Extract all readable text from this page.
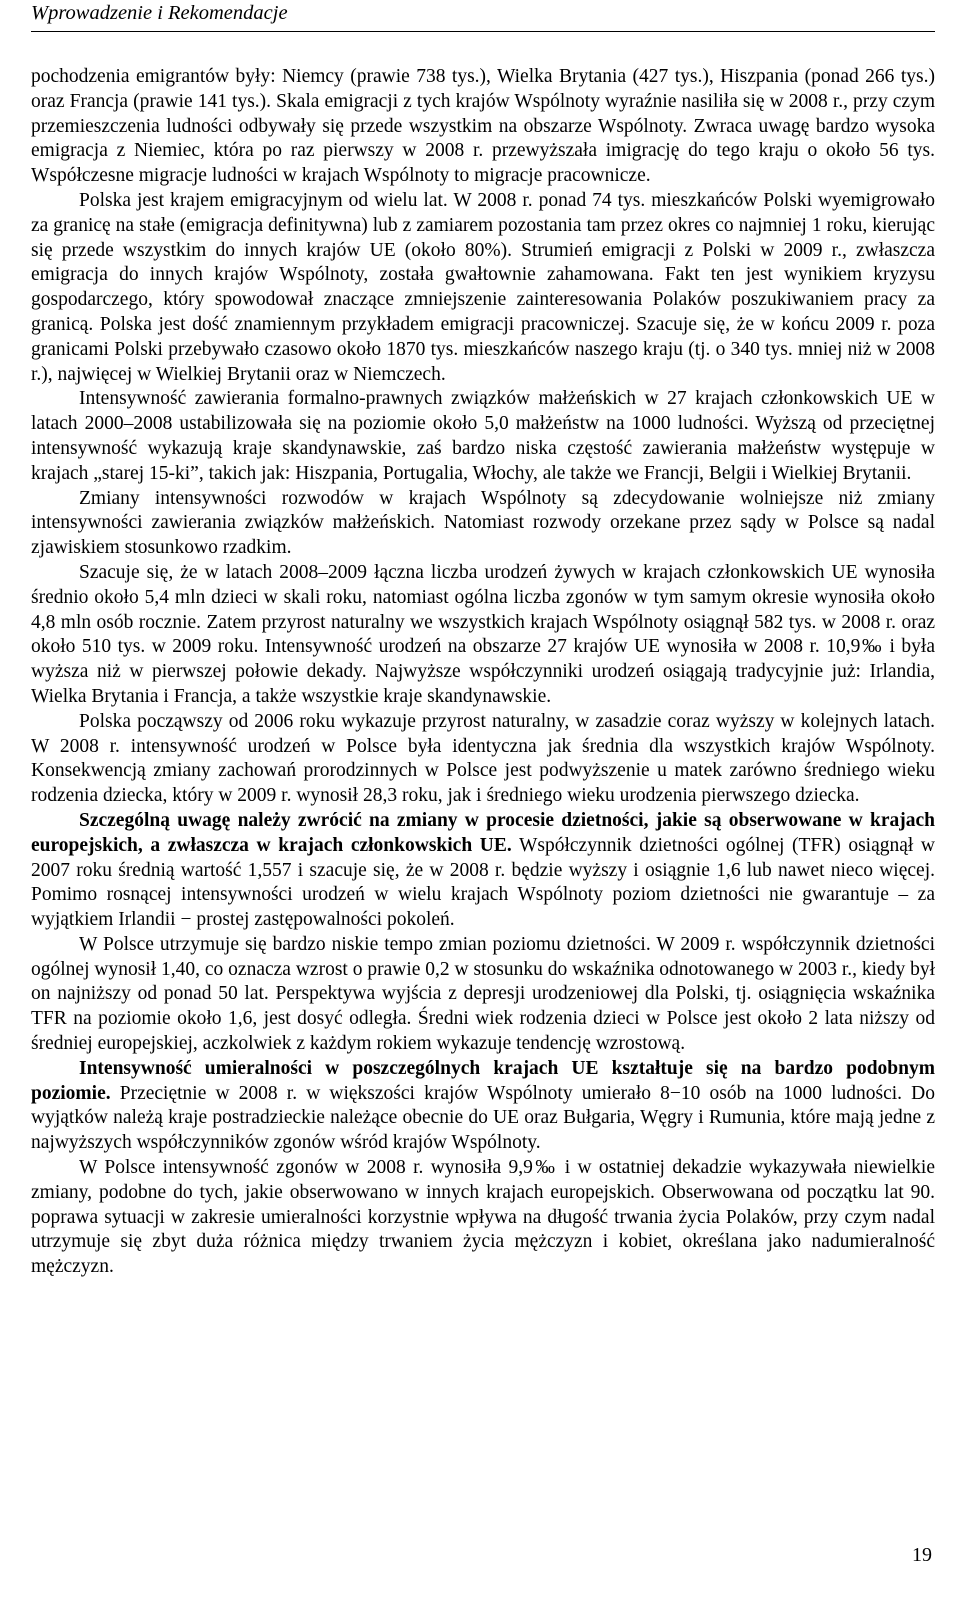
Wprowadzenie i Rekomendacje

pochodzenia emigrantów były: Niemcy (prawie 738 tys.), Wielka Brytania (427 tys.), Hiszpania (ponad 266 tys.) oraz Francja (prawie 141 tys.). Skala emigracji z tych krajów Wspólnoty wyraźnie nasiliła się w 2008 r., przy czym przemieszczenia ludności odbywały się przede wszystkim na obszarze Wspólnoty. Zwraca uwagę bardzo wysoka emigracja z Niemiec, która po raz pierwszy w 2008 r. przewyższała imigrację do tego kraju o około 56 tys. Współczesne migracje ludności w krajach Wspólnoty to migracje pracownicze.

Polska jest krajem emigracyjnym od wielu lat. W 2008 r. ponad 74 tys. mieszkańców Polski wyemigrowało za granicę na stałe (emigracja definitywna) lub z zamiarem pozostania tam przez okres co najmniej 1 roku, kierując się przede wszystkim do innych krajów UE (około 80%). Strumień emigracji z Polski w 2009 r., zwłaszcza emigracja do innych krajów Wspólnoty, została gwałtownie zahamowana. Fakt ten jest wynikiem kryzysu gospodarczego, który spowodował znaczące zmniejszenie zainteresowania Polaków poszukiwaniem pracy za granicą. Polska jest dość znamiennym przykładem emigracji pracowniczej. Szacuje się, że w końcu 2009 r. poza granicami Polski przebywało czasowo około 1870 tys. mieszkańców naszego kraju (tj. o 340 tys. mniej niż w 2008 r.), najwięcej w Wielkiej Brytanii oraz w Niemczech.

Intensywność zawierania formalno-prawnych związków małżeńskich w 27 krajach członkowskich UE w latach 2000–2008 ustabilizowała się na poziomie około 5,0 małżeństw na 1000 ludności. Wyższą od przeciętnej intensywność wykazują kraje skandynawskie, zaś bardzo niska częstość zawierania małżeństw występuje w krajach „starej 15-ki”, takich jak: Hiszpania, Portugalia, Włochy, ale także we Francji, Belgii i Wielkiej Brytanii.

Zmiany intensywności rozwodów w krajach Wspólnoty są zdecydowanie wolniejsze niż zmiany intensywności zawierania związków małżeńskich. Natomiast rozwody orzekane przez sądy w Polsce są nadal zjawiskiem stosunkowo rzadkim.

Szacuje się, że w latach 2008–2009 łączna liczba urodzeń żywych w krajach członkowskich UE wynosiła średnio około 5,4 mln dzieci w skali roku, natomiast ogólna liczba zgonów w tym samym okresie wynosiła około 4,8 mln osób rocznie. Zatem przyrost naturalny we wszystkich krajach Wspólnoty osiągnął 582 tys. w 2008 r. oraz około 510 tys. w 2009 roku. Intensywność urodzeń na obszarze 27 krajów UE wynosiła w 2008 r. 10,9‰ i była wyższa niż w pierwszej połowie dekady. Najwyższe współczynniki urodzeń osiągają tradycyjnie już: Irlandia, Wielka Brytania i Francja, a także wszystkie kraje skandynawskie.

Polska począwszy od 2006 roku wykazuje przyrost naturalny, w zasadzie coraz wyższy w kolejnych latach. W 2008 r. intensywność urodzeń w Polsce była identyczna jak średnia dla wszystkich krajów Wspólnoty. Konsekwencją zmiany zachowań prorodzinnych w Polsce jest podwyższenie u matek zarówno średniego wieku rodzenia dziecka, który w 2009 r. wynosił 28,3 roku, jak i średniego wieku urodzenia pierwszego dziecka.

Szczególną uwagę należy zwrócić na zmiany w procesie dzietności, jakie są obserwowane w krajach europejskich, a zwłaszcza w krajach członkowskich UE. Współczynnik dzietności ogólnej (TFR) osiągnął w 2007 roku średnią wartość 1,557 i szacuje się, że w 2008 r. będzie wyższy i osiągnie 1,6 lub nawet nieco więcej. Pomimo rosnącej intensywności urodzeń w wielu krajach Wspólnoty poziom dzietności nie gwarantuje – za wyjątkiem Irlandii − prostej zastępowalności pokoleń.

W Polsce utrzymuje się bardzo niskie tempo zmian poziomu dzietności. W 2009 r. współczynnik dzietności ogólnej wynosił 1,40, co oznacza wzrost o prawie 0,2 w stosunku do wskaźnika odnotowanego w 2003 r., kiedy był on najniższy od ponad 50 lat. Perspektywa wyjścia z depresji urodzeniowej dla Polski, tj. osiągnięcia wskaźnika TFR na poziomie około 1,6, jest dosyć odległa. Średni wiek rodzenia dzieci w Polsce jest około 2 lata niższy od średniej europejskiej, aczkolwiek z każdym rokiem wykazuje tendencję wzrostową.

Intensywność umieralności w poszczególnych krajach UE kształtuje się na bardzo podobnym poziomie. Przeciętnie w 2008 r. w większości krajów Wspólnoty umierało 8−10 osób na 1000 ludności. Do wyjątków należą kraje postradzieckie należące obecnie do UE oraz Bułgaria, Węgry i Rumunia, które mają jedne z najwyższych współczynników zgonów wśród krajów Wspólnoty.

W Polsce intensywność zgonów w 2008 r. wynosiła 9,9‰ i w ostatniej dekadzie wykazywała niewielkie zmiany, podobne do tych, jakie obserwowano w innych krajach europejskich. Obserwowana od początku lat 90. poprawa sytuacji w zakresie umieralności korzystnie wpływa na długość trwania życia Polaków, przy czym nadal utrzymuje się zbyt duża różnica między trwaniem życia mężczyzn i kobiet, określana jako nadumieralność mężczyzn.

19
